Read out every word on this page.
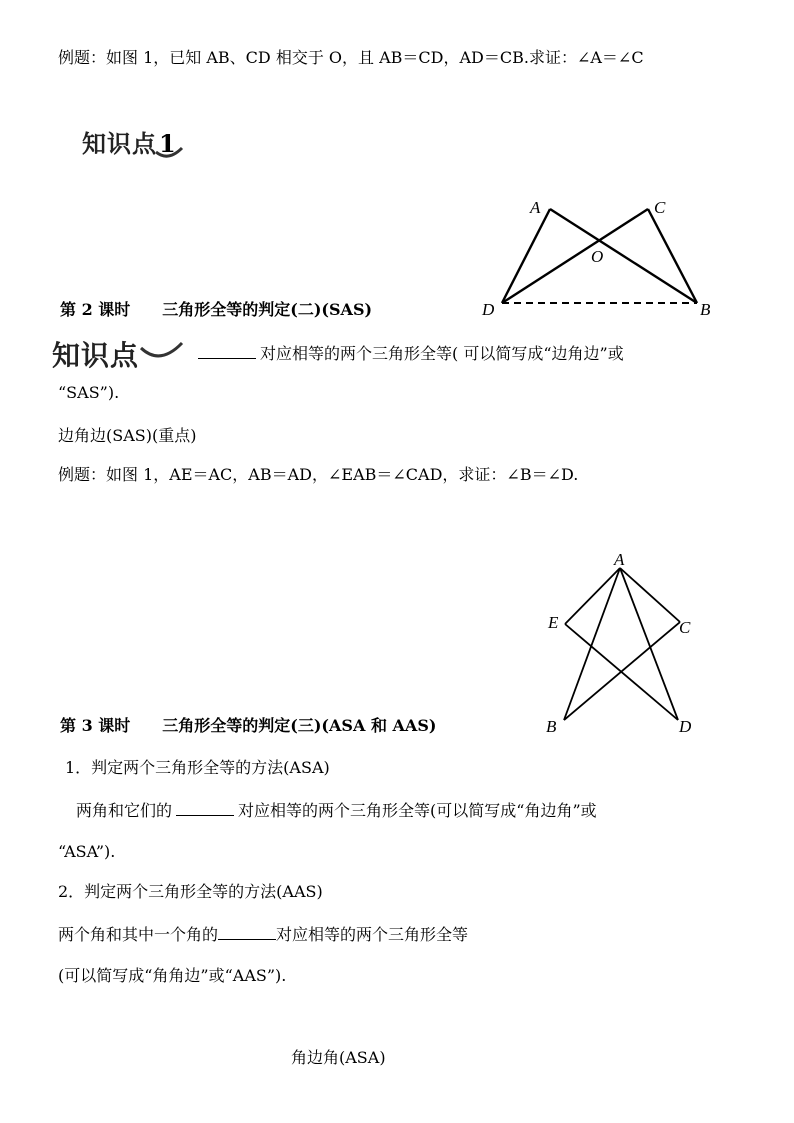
例题：如图 1，已知 AB、CD 相交于 O，且 AB＝CD，AD＝CB.求证：∠A＝∠C
知识点1
A	C
O
D	B
第 2 课时　　三角形全等的判定(二)(SAS)
知识点	对应相等的两个三角形全等( 可以简写成“边角边”或
“SAS”).
边角边(SAS)(重点)
例题：如图 1，AE＝AC，AB＝AD，∠EAB＝∠CAD，求证：∠B＝∠D.
A
E	C
B	D
第 3 课时　　三角形全等的判定(三)(ASA 和 AAS)
1．判定两个三角形全等的方法(ASA)
两角和它们的	对应相等的两个三角形全等(可以简写成“角边角”或
“ASA”).
2．判定两个三角形全等的方法(AAS)
两个角和其中一个角的	对应相等的两个三角形全等
(可以简写成“角角边”或“AAS”).
角边角(ASA)
